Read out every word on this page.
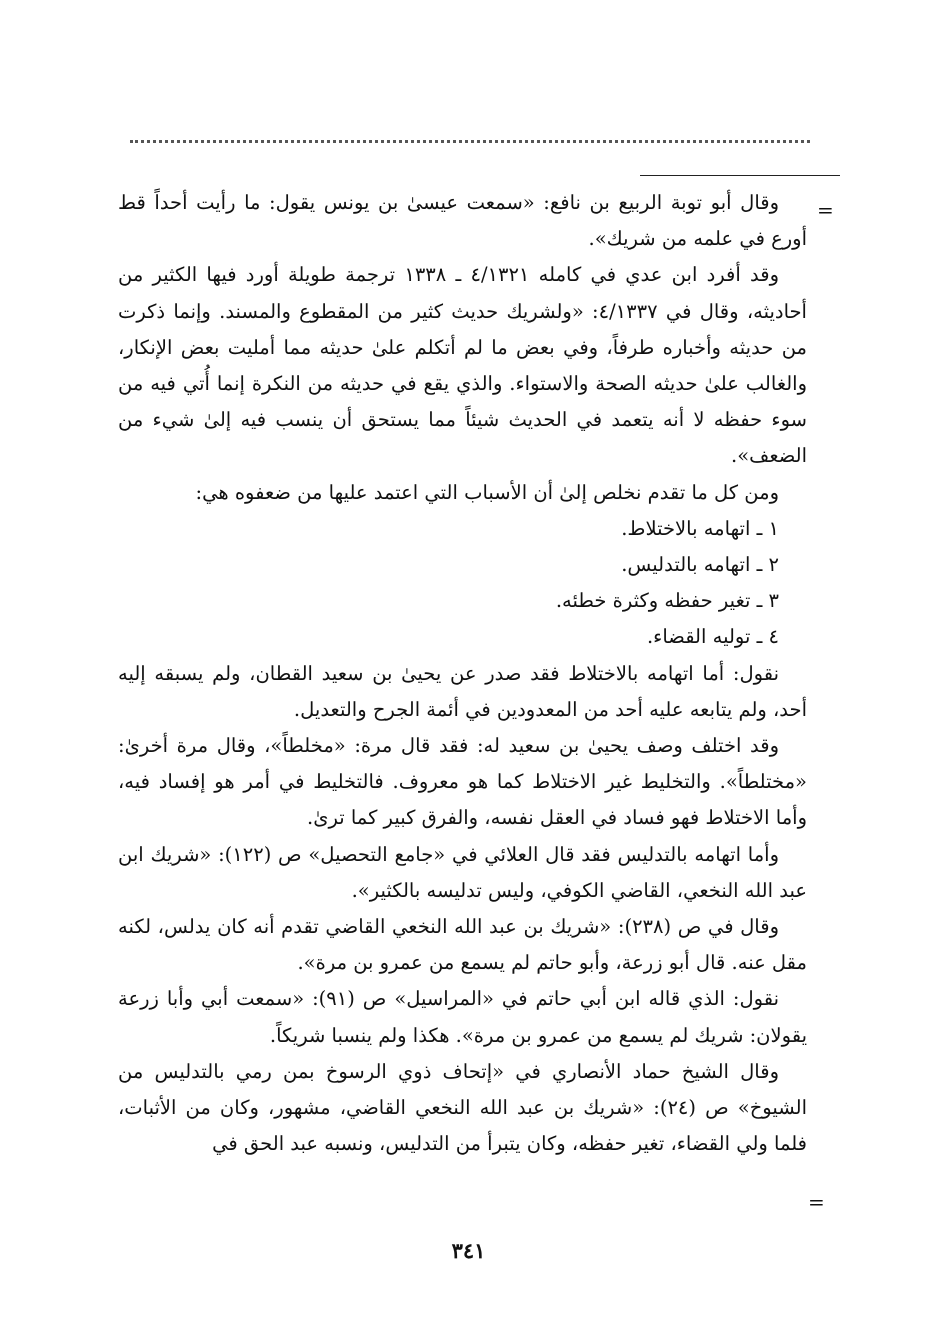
=

وقال أبو توبة الربيع بن نافع: «سمعت عيسىٰ بن يونس يقول: ما رأيت أحداً قط أورع في علمه من شريك».

وقد أفرد ابن عدي في كامله ٤/١٣٢١ ـ ١٣٣٨ ترجمة طويلة أورد فيها الكثير من أحاديثه، وقال في ٤/١٣٣٧: «ولشريك حديث كثير من المقطوع والمسند. وإنما ذكرت من حديثه وأخباره طرفاً، وفي بعض ما لم أتكلم علىٰ حديثه مما أمليت بعض الإنكار، والغالب علىٰ حديثه الصحة والاستواء. والذي يقع في حديثه من النكرة إنما أُتي فيه من سوء حفظه لا أنه يتعمد في الحديث شيئاً مما يستحق أن ينسب فيه إلىٰ شيء من الضعف».

ومن كل ما تقدم نخلص إلىٰ أن الأسباب التي اعتمد عليها من ضعفوه هي:

١ ـ اتهامه بالاختلاط.

٢ ـ اتهامه بالتدليس.

٣ ـ تغير حفظه وكثرة خطئه.

٤ ـ توليه القضاء.

نقول: أما اتهامه بالاختلاط فقد صدر عن يحيىٰ بن سعيد القطان، ولم يسبقه إليه أحد، ولم يتابعه عليه أحد من المعدودين في أئمة الجرح والتعديل.

وقد اختلف وصف يحيىٰ بن سعيد له: فقد قال مرة: «مخلطاً»، وقال مرة أخرىٰ: «مختلطاً». والتخليط غير الاختلاط كما هو معروف. فالتخليط في أمر هو إفساد فيه، وأما الاختلاط فهو فساد في العقل نفسه، والفرق كبير كما ترىٰ.

وأما اتهامه بالتدليس فقد قال العلائي في «جامع التحصيل» ص (١٢٢): «شريك ابن عبد الله النخعي، القاضي الكوفي، وليس تدليسه بالكثير».

وقال في ص (٢٣٨): «شريك بن عبد الله النخعي القاضي تقدم أنه كان يدلس، لكنه مقل عنه. قال أبو زرعة، وأبو حاتم لم يسمع من عمرو بن مرة».

نقول: الذي قاله ابن أبي حاتم في «المراسيل» ص (٩١): «سمعت أبي وأبا زرعة يقولان: شريك لم يسمع من عمرو بن مرة». هكذا ولم ينسبا شريكاً.

وقال الشيخ حماد الأنصاري في «إتحاف ذوي الرسوخ بمن رمي بالتدليس من الشيوخ» ص (٢٤): «شريك بن عبد الله النخعي القاضي، مشهور، وكان من الأثبات، فلما ولي القضاء، تغير حفظه، وكان يتبرأ من التدليس، ونسبه عبد الحق في

=
٣٤١
